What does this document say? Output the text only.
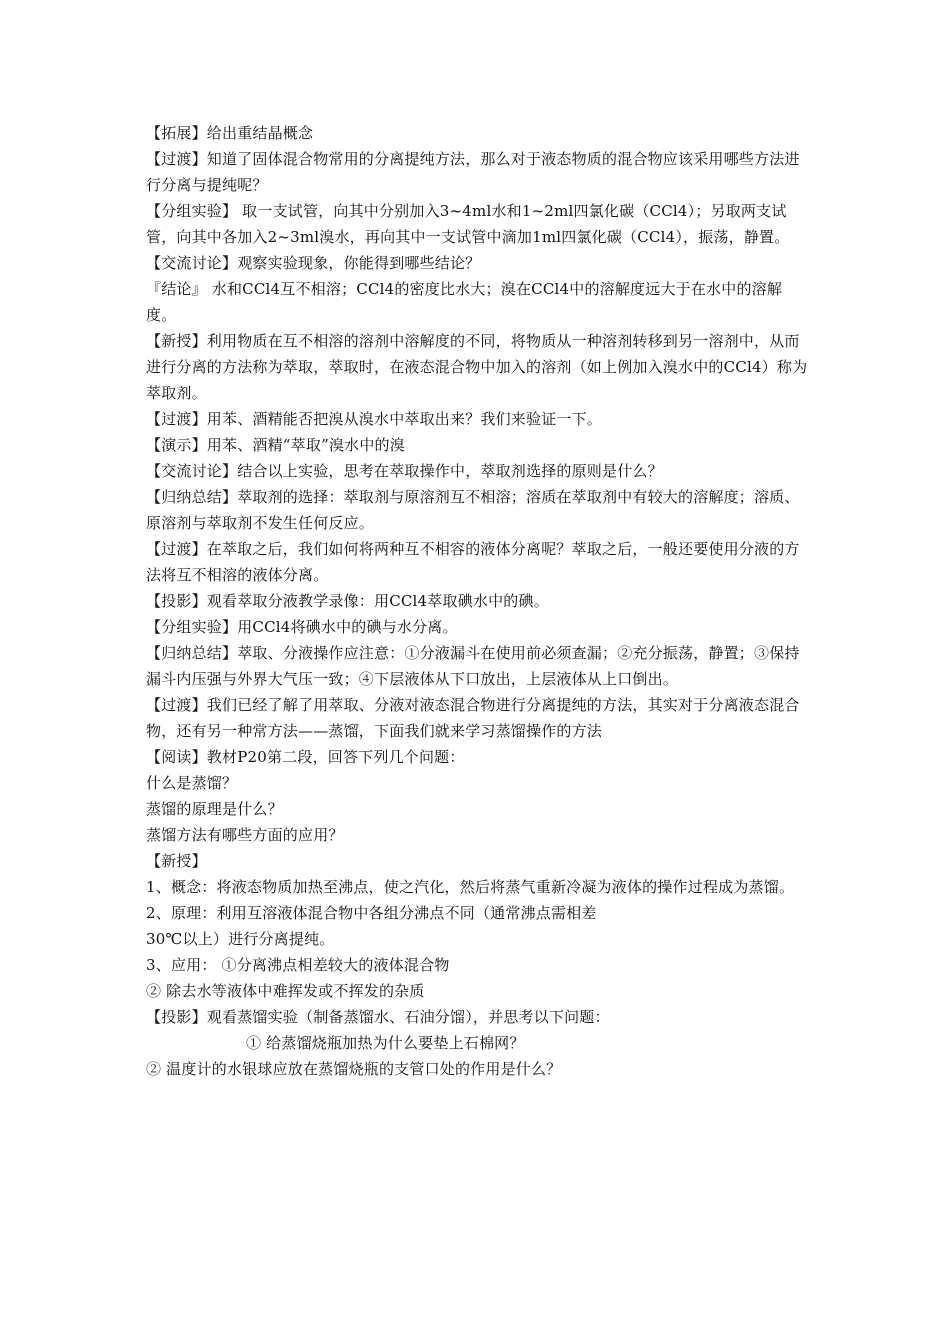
【拓展】给出重结晶概念

【过渡】知道了固体混合物常用的分离提纯方法，那么对于液态物质的混合物应该采用哪些方法进行分离与提纯呢？

【分组实验】 取一支试管，向其中分别加入3~4ml水和1~2ml四氯化碳（CCl4）；另取两支试管，向其中各加入2~3ml溴水，再向其中一支试管中滴加1ml四氯化碳（CCl4），振荡，静置。

【交流讨论】观察实验现象，你能得到哪些结论？

『结论』 水和CCl4互不相溶；CCl4的密度比水大；溴在CCl4中的溶解度远大于在水中的溶解度。

【新授】利用物质在互不相溶的溶剂中溶解度的不同，将物质从一种溶剂转移到另一溶剂中，从而进行分离的方法称为萃取，萃取时，在液态混合物中加入的溶剂（如上例加入溴水中的CCl4）称为萃取剂。

【过渡】用苯、酒精能否把溴从溴水中萃取出来？我们来验证一下。

【演示】用苯、酒精“萃取”溴水中的溴

【交流讨论】结合以上实验，思考在萃取操作中，萃取剂选择的原则是什么？

【归纳总结】萃取剂的选择：萃取剂与原溶剂互不相溶；溶质在萃取剂中有较大的溶解度；溶质、原溶剂与萃取剂不发生任何反应。

【过渡】在萃取之后，我们如何将两种互不相容的液体分离呢？萃取之后，一般还要使用分液的方法将互不相溶的液体分离。

【投影】观看萃取分液教学录像：用CCl4萃取碘水中的碘。

【分组实验】用CCl4将碘水中的碘与水分离。

【归纳总结】萃取、分液操作应注意：①分液漏斗在使用前必须查漏；②充分振荡，静置；③保持漏斗内压强与外界大气压一致；④下层液体从下口放出，上层液体从上口倒出。

【过渡】我们已经了解了用萃取、分液对液态混合物进行分离提纯的方法，其实对于分离液态混合物，还有另一种常方法——蒸馏，下面我们就来学习蒸馏操作的方法

【阅读】教材P20第二段，回答下列几个问题：

什么是蒸馏？

蒸馏的原理是什么？

蒸馏方法有哪些方面的应用？

【新授】

1、概念：将液态物质加热至沸点，使之汽化，然后将蒸气重新冷凝为液体的操作过程成为蒸馏。

2、原理：利用互溶液体混合物中各组分沸点不同（通常沸点需相差

30℃以上）进行分离提纯。

3、应用： ①分离沸点相差较大的液体混合物

② 除去水等液体中难挥发或不挥发的杂质

【投影】观看蒸馏实验（制备蒸馏水、石油分馏），并思考以下问题：

① 给蒸馏烧瓶加热为什么要垫上石棉网？

② 温度计的水银球应放在蒸馏烧瓶的支管口处的作用是什么？
